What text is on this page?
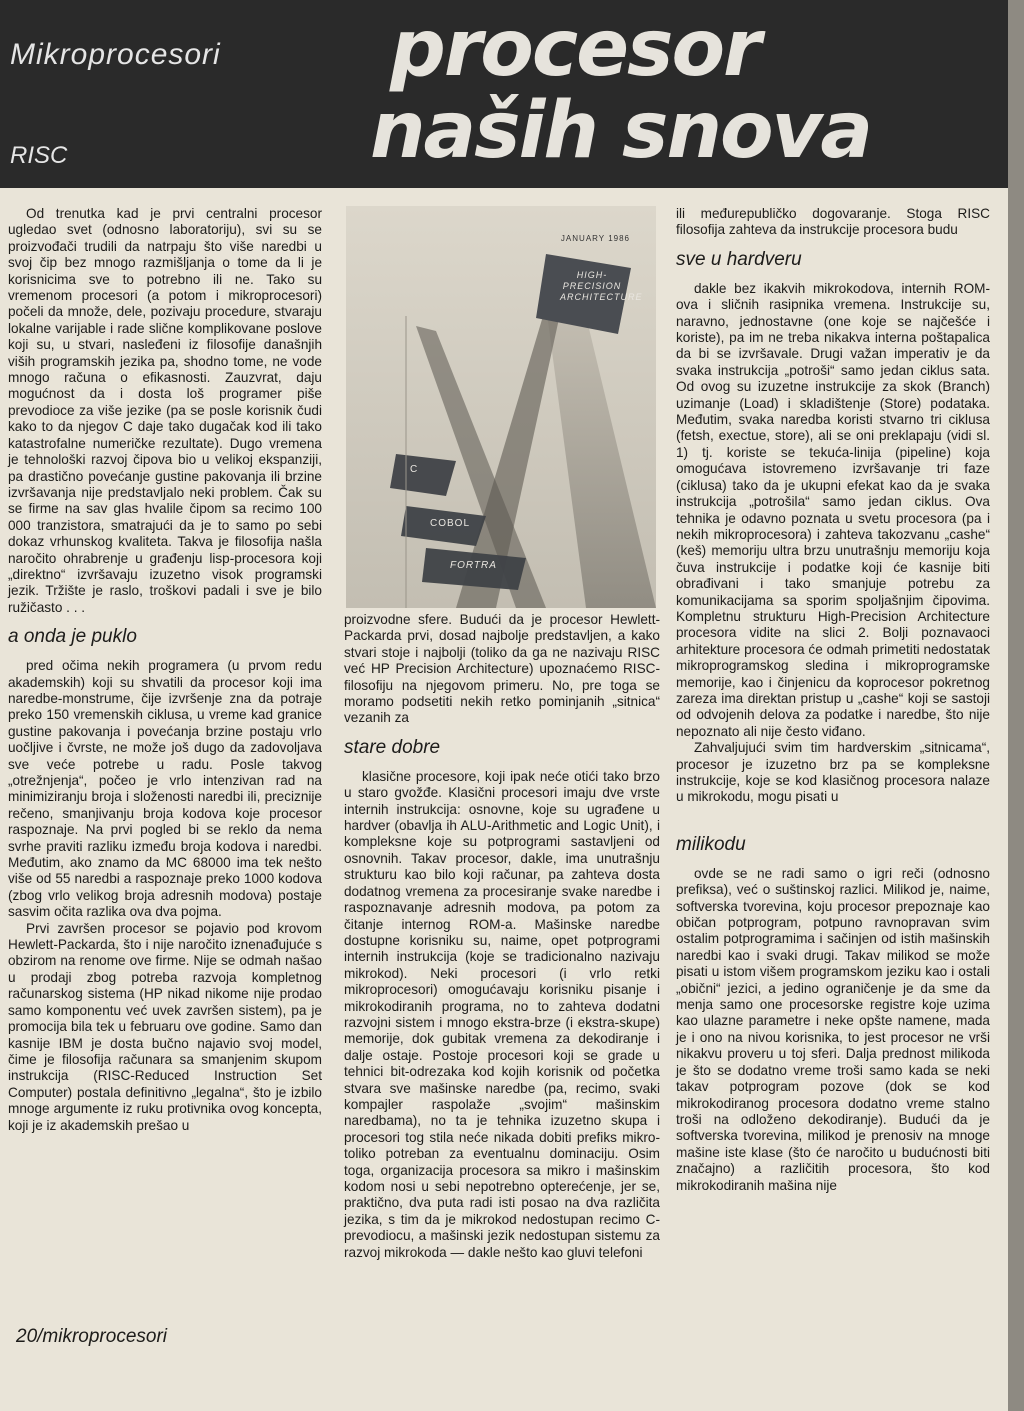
Mikroprocesori
RISC
procesor
naših snova

Od trenutka kad je prvi centralni procesor ugledao svet (odnosno laboratoriju), svi su se proizvođači trudili da natrpaju što više naredbi u svoj čip bez mnogo razmišljanja o tome da li je korisnicima sve to potrebno ili ne. Tako su vremenom procesori (a potom i mikroprocesori) počeli da množe, dele, pozivaju procedure, stvaraju lokalne varijable i rade slične komplikovane poslove koji su, u stvari, nasleđeni iz filosofije današnjih viših programskih jezika pa, shodno tome, ne vode mnogo računa o efikasnosti. Zauzvrat, daju mogućnost da i dosta loš programer piše prevodioce za više jezike (pa se posle korisnik čudi kako to da njegov C daje tako dugačak kod ili tako katastrofalne numeričke rezultate). Dugo vremena je tehnološki razvoj čipova bio u velikoj ekspanziji, pa drastično povećanje gustine pakovanja ili brzine izvršavanja nije predstavljalo neki problem. Čak su se firme na sav glas hvalile čipom sa recimo 100 000 tranzistora, smatrajući da je to samo po sebi dokaz vrhunskog kvaliteta. Takva je filosofija našla naročito ohrabrenje u građenju lisp-procesora koji „direktno“ izvršavaju izuzetno visok programski jezik. Tržište je raslo, troškovi padali i sve je bilo ružičasto . . .

a onda je puklo

pred očima nekih programera (u prvom redu akademskih) koji su shvatili da procesor koji ima naredbe-monstrume, čije izvršenje zna da potraje preko 150 vremenskih ciklusa, u vreme kad granice gustine pakovanja i povećanja brzine postaju vrlo uočljive i čvrste, ne može još dugo da zadovoljava sve veće potrebe u radu. Posle takvog „otrežnjenja“, počeo je vrlo intenzivan rad na minimiziranju broja i složenosti naredbi ili, preciznije rečeno, smanjivanju broja kodova koje procesor raspoznaje. Na prvi pogled bi se reklo da nema svrhe praviti razliku između broja kodova i naredbi. Međutim, ako znamo da MC 68000 ima tek nešto više od 55 naredbi a raspoznaje preko 1000 kodova (zbog vrlo velikog broja adresnih modova) postaje sasvim očita razlika ova dva pojma.

Prvi završen procesor se pojavio pod krovom Hewlett-Packarda, što i nije naročito iznenađujuće s obzirom na renome ove firme. Nije se odmah našao u prodaji zbog potreba razvoja kompletnog računarskog sistema (HP nikad nikome nije prodao samo komponentu već uvek završen sistem), pa je promocija bila tek u februaru ove godine. Samo dan kasnije IBM je dosta bučno najavio svoj model, čime je filosofija računara sa smanjenim skupom instrukcija (RISC-Reduced Instruction Set Computer) postala definitivno „legalna“, što je izbilo mnoge argumente iz ruku protivnika ovog koncepta, koji je iz akademskih prešao u

JANUARY 1986
HIGH-
PRECISION
ARCHITECTURE
C
COBOL
FORTRA

proizvodne sfere. Budući da je procesor Hewlett-Packarda prvi, dosad najbolje predstavljen, a kako stvari stoje i najbolji (toliko da ga ne nazivaju RISC već HP Precision Architecture) upoznaćemo RISC-filosofiju na njegovom primeru. No, pre toga se moramo podsetiti nekih retko pominjanih „sitnica“ vezanih za

stare dobre

klasične procesore, koji ipak neće otići tako brzo u staro gvožđe. Klasični procesori imaju dve vrste internih instrukcija: osnovne, koje su ugrađene u hardver (obavlja ih ALU-Arithmetic and Logic Unit), i kompleksne koje su potprogrami sastavljeni od osnovnih. Takav procesor, dakle, ima unutrašnju strukturu kao bilo koji računar, pa zahteva dosta dodatnog vremena za procesiranje svake naredbe i raspoznavanje adresnih modova, pa potom za čitanje internog ROM-a. Mašinske naredbe dostupne korisniku su, naime, opet potprogrami internih instrukcija (koje se tradicionalno nazivaju mikrokod). Neki procesori (i vrlo retki mikroprocesori) omogućavaju korisniku pisanje i mikrokodiranih programa, no to zahteva dodatni razvojni sistem i mnogo ekstra-brze (i ekstra-skupe) memorije, dok gubitak vremena za dekodiranje i dalje ostaje. Postoje procesori koji se grade u tehnici bit-odrezaka kod kojih korisnik od početka stvara sve mašinske naredbe (pa, recimo, svaki kompajler raspolaže „svojim“ mašinskim naredbama), no ta je tehnika izuzetno skupa i procesori tog stila neće nikada dobiti prefiks mikro- toliko potreban za eventualnu dominaciju. Osim toga, organizacija procesora sa mikro i mašinskim kodom nosi u sebi nepotrebno opterećenje, jer se, praktično, dva puta radi isti posao na dva različita jezika, s tim da je mikrokod nedostupan recimo C-prevodiocu, a mašinski jezik nedostupan sistemu za razvoj mikrokoda — dakle nešto kao gluvi telefoni

ili međurepubličko dogovaranje. Stoga RISC filosofija zahteva da instrukcije procesora budu

sve u hardveru

dakle bez ikakvih mikrokodova, internih ROM-ova i sličnih rasipnika vremena. Instrukcije su, naravno, jednostavne (one koje se najčešće i koriste), pa im ne treba nikakva interna poštapalica da bi se izvršavale. Drugi važan imperativ je da svaka instrukcija „potroši“ samo jedan ciklus sata. Od ovog su izuzetne instrukcije za skok (Branch) uzimanje (Load) i skladištenje (Store) podataka. Međutim, svaka naredba koristi stvarno tri ciklusa (fetsh, exectue, store), ali se oni preklapaju (vidi sl. 1) tj. koriste se tekuća-linija (pipeline) koja omogućava istovremeno izvršavanje tri faze (ciklusa) tako da je ukupni efekat kao da je svaka instrukcija „potrošila“ samo jedan ciklus. Ova tehnika je odavno poznata u svetu procesora (pa i nekih mikroprocesora) i zahteva takozvanu „cashe“ (keš) memoriju ultra brzu unutrašnju memoriju koja čuva instrukcije i podatke koji će kasnije biti obrađivani i tako smanjuje potrebu za komunikacijama sa sporim spoljašnjim čipovima. Kompletnu strukturu High-Precision Architecture procesora vidite na slici 2. Bolji poznavaoci arhitekture procesora će odmah primetiti nedostatak mikroprogramskog sledina i mikroprogramske memorije, kao i činjenicu da koprocesor pokretnog zareza ima direktan pristup u „cashe“ koji se sastoji od odvojenih delova za podatke i naredbe, što nije nepoznato ali nije često viđano.

Zahvaljujući svim tim hardverskim „sitnicama“, procesor je izuzetno brz pa se kompleksne instrukcije, koje se kod klasičnog procesora nalaze u mikrokodu, mogu pisati u

milikodu

ovde se ne radi samo o igri reči (odnosno prefiksa), već o suštinskoj razlici. Milikod je, naime, softverska tvorevina, koju procesor prepoznaje kao običan potprogram, potpuno ravnopravan svim ostalim potprogramima i sačinjen od istih mašinskih naredbi kao i svaki drugi. Takav milikod se može pisati u istom višem programskom jeziku kao i ostali „obični“ jezici, a jedino ograničenje je da sme da menja samo one procesorske registre koje uzima kao ulazne parametre i neke opšte namene, mada je i ono na nivou korisnika, to jest procesor ne vrši nikakvu proveru u toj sferi. Dalja prednost milikoda je što se dodatno vreme troši samo kada se neki takav potprogram pozove (dok se kod mikrokodiranog procesora dodatno vreme stalno troši na odloženo dekodiranje). Budući da je softverska tvorevina, milikod je prenosiv na mnoge mašine iste klase (što će naročito u budućnosti biti značajno) a različitih procesora, što kod mikrokodiranih mašina nije

20/mikroprocesori
